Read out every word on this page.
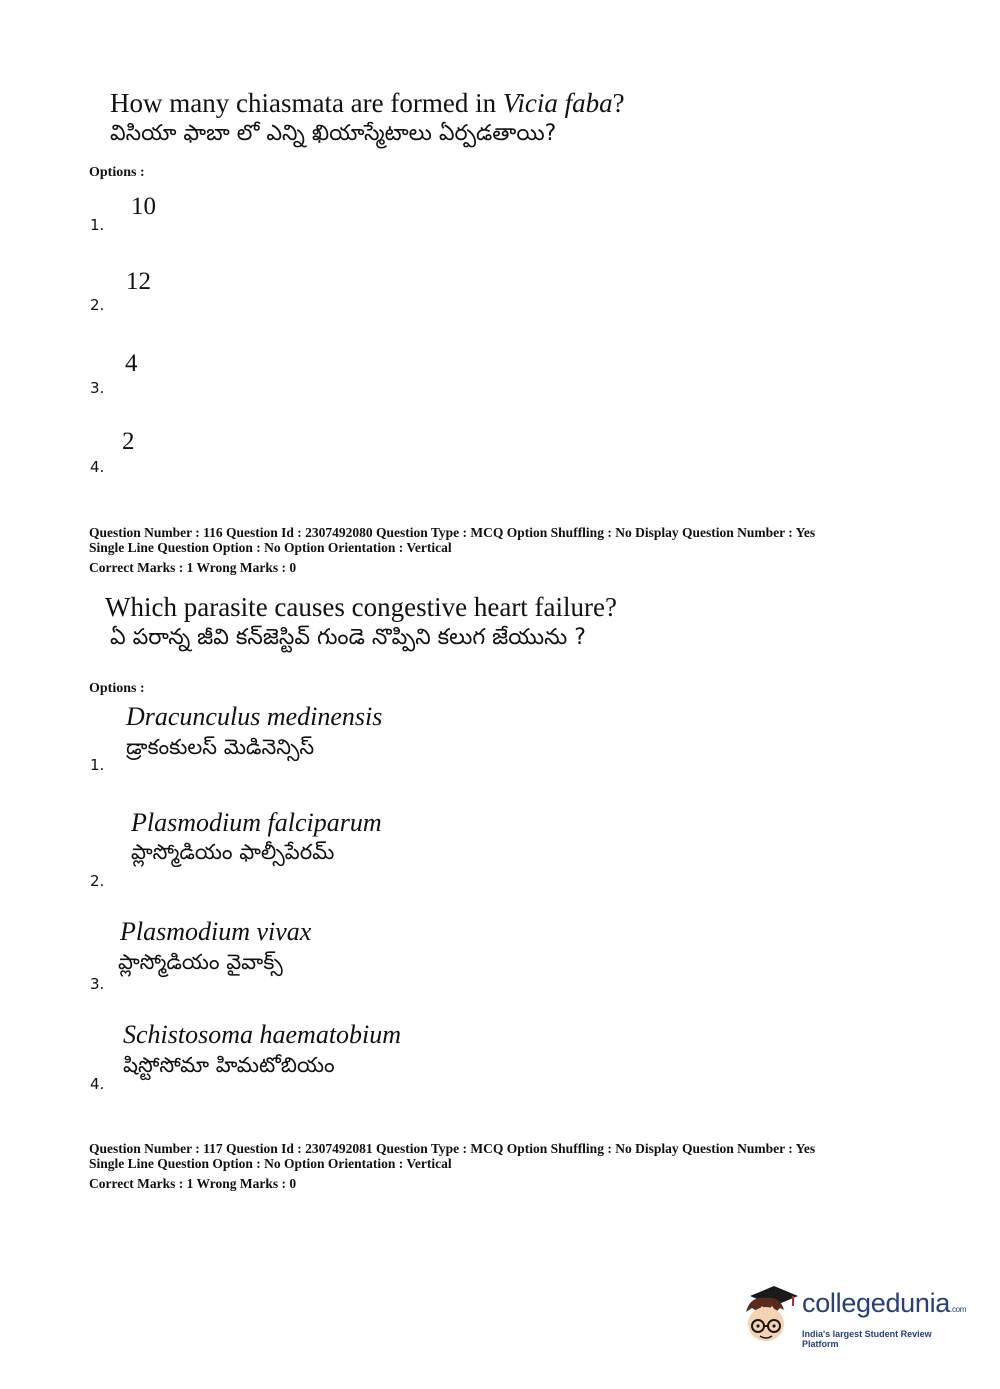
How many chiasmata are formed in Vicia faba?
విసియా ఫాబా లో ఎన్ని ఖియాస్మేటాలు ఏర్పడతాయి?
Options :
10
1.
12
2.
4
3.
2
4.
Question Number : 116 Question Id : 2307492080 Question Type : MCQ Option Shuffling : No Display Question Number : Yes
Single Line Question Option : No Option Orientation : Vertical
Correct Marks : 1 Wrong Marks : 0
Which parasite causes congestive heart failure?
ఏ పరాన్న జీవి కన్‌జెస్టివ్ గుండె నొప్పిని కలుగ జేయును ?
Options :
Dracunculus medinensis
డ్రాకంకులస్ మెడినెన్సిస్
1.
Plasmodium falciparum
ప్లాస్మోడియం ఫాల్సీపేరమ్
2.
Plasmodium vivax
ప్లాస్మోడియం వైవాక్స్
3.
Schistosoma haematobium
షిస్టోసోమా హిమటోబియం
4.
Question Number : 117 Question Id : 2307492081 Question Type : MCQ Option Shuffling : No Display Question Number : Yes
Single Line Question Option : No Option Orientation : Vertical
Correct Marks : 1 Wrong Marks : 0
collegedunia.com
India's largest Student Review Platform
